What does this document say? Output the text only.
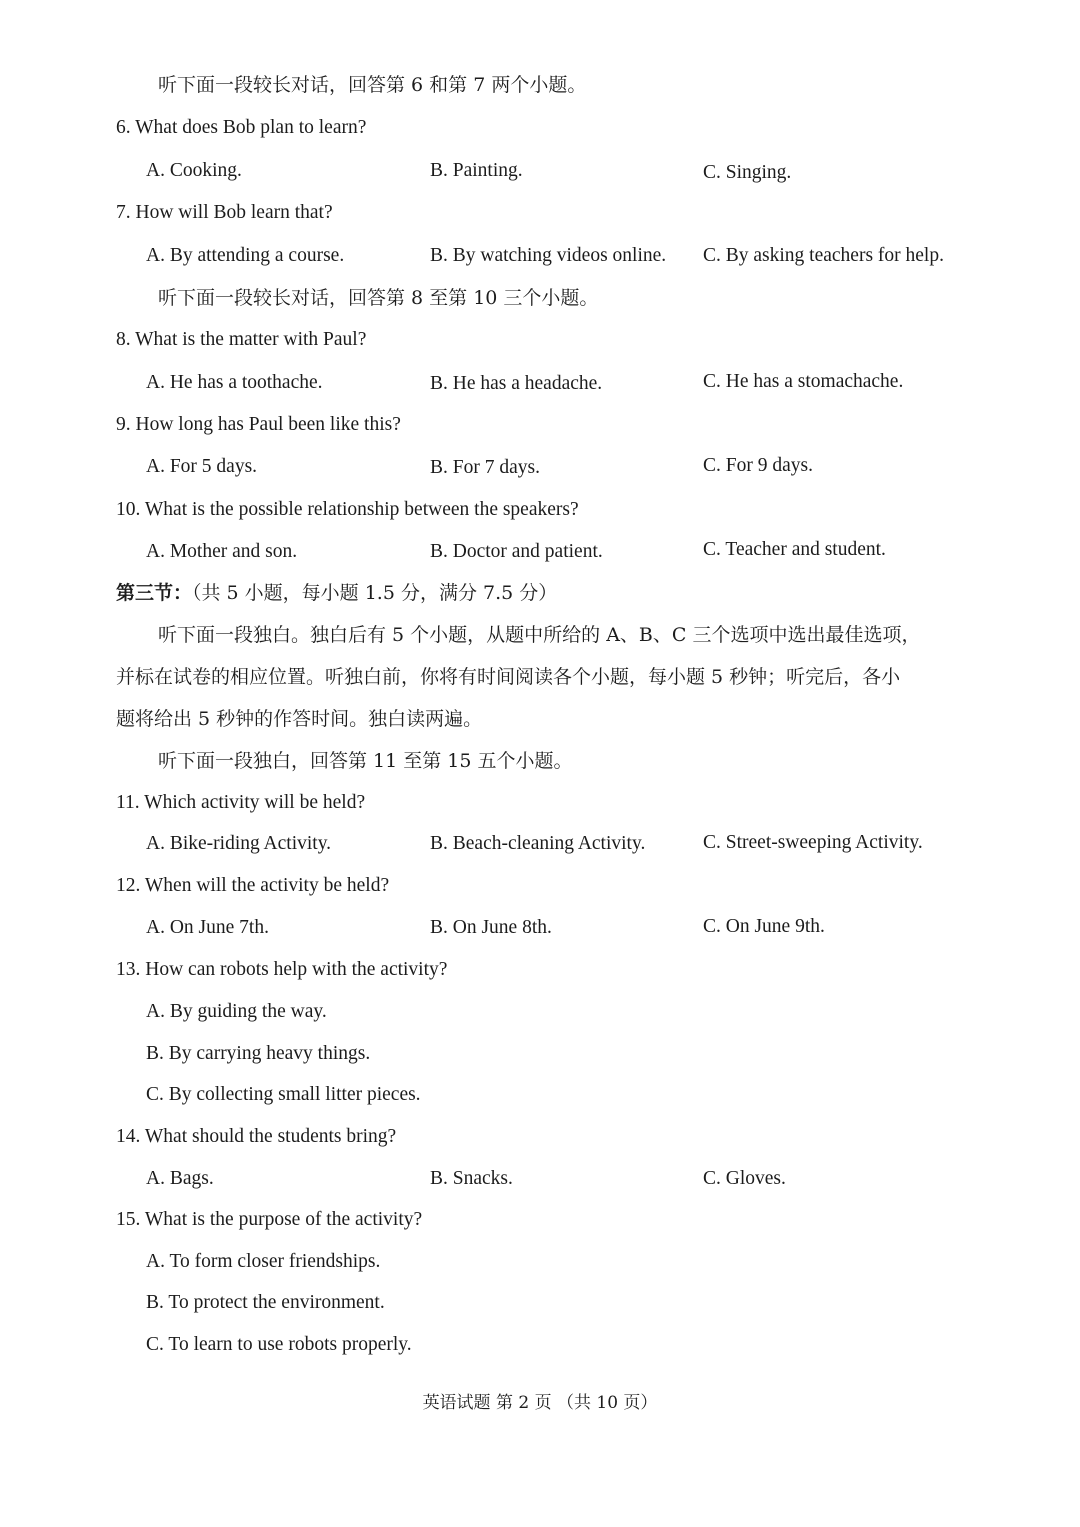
听下面一段较长对话，回答第 6 和第 7 两个小题。
6. What does Bob plan to learn?
A. Cooking.	B. Painting.	C. Singing.
7. How will Bob learn that?
A. By attending a course.	B. By watching videos online. C. By asking teachers for help.
听下面一段较长对话，回答第 8 至第 10 三个小题。
8. What is the matter with Paul?
A. He has a toothache.	B. He has a headache.	C. He has a stomachache.
9. How long has Paul been like this?
A. For 5 days.	B. For 7 days.	C. For 9 days.
10. What is the possible relationship between the speakers?
A. Mother and son.	B. Doctor and patient.	C. Teacher and student.
第三节：（共 5 小题，每小题 1.5 分，满分 7.5 分）
听下面一段独白。独白后有 5 个小题，从题中所给的 A、B、C 三个选项中选出最佳选项，
并标在试卷的相应位置。听独白前，你将有时间阅读各个小题，每小题 5 秒钟；听完后，各小
题将给出 5 秒钟的作答时间。独白读两遍。
听下面一段独白，回答第 11 至第 15 五个小题。
11. Which activity will be held?
A. Bike-riding Activity.	B. Beach-cleaning Activity.	C. Street-sweeping Activity.
12. When will the activity be held?
A. On June 7th.	B. On June 8th.	C. On June 9th.
13. How can robots help with the activity?
A. By guiding the way.
B. By carrying heavy things.
C. By collecting small litter pieces.
14. What should the students bring?
A. Bags.	B. Snacks.	C. Gloves.
15. What is the purpose of the activity?
A. To form closer friendships.
B. To protect the environment.
C. To learn to use robots properly.
英语试题 第 2 页 （共 10 页）
